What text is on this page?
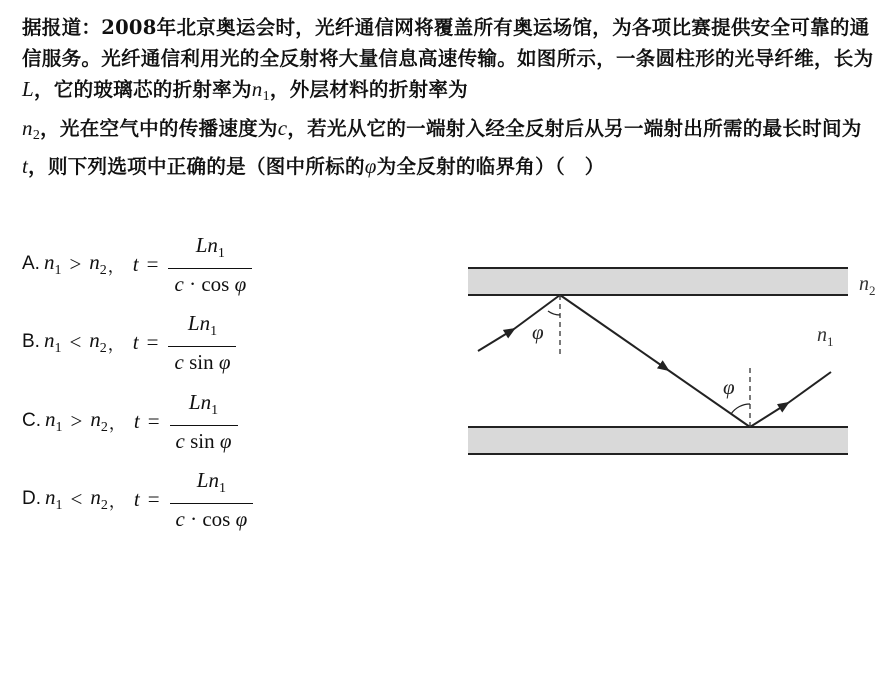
据报道：2008年北京奥运会时，光纤通信网将覆盖所有奥运场馆，为各项比赛提供安全可靠的通信服务。光纤通信利用光的全反射将大量信息高速传输。如图所示，一条圆柱形的光导纤维，长为L，它的玻璃芯的折射率为$n_1$，外层材料的折射率为
$n_2$，光在空气中的传播速度为c，若光从它的一端射入经全反射后从另一端射出所需的最长时间为t，则下列选项中正确的是（图中所标的φ为全反射的临界角）（　）
A. $n_1 > n_2$ ， $t = \frac{Ln_1}{\text{c · cos φ}}$
B. $n_1 < n_2$ ， $t = \frac{Ln_1}{\text{c sin φ}}$
C. $n_1 > n_2$ ， $t = \frac{Ln_1}{\text{c sin φ}}$
D. $n_1 < n_2$ ， $t = \frac{Ln_1}{\text{c · cos φ}}$
φ
φ
$n_2$
$n_1$
